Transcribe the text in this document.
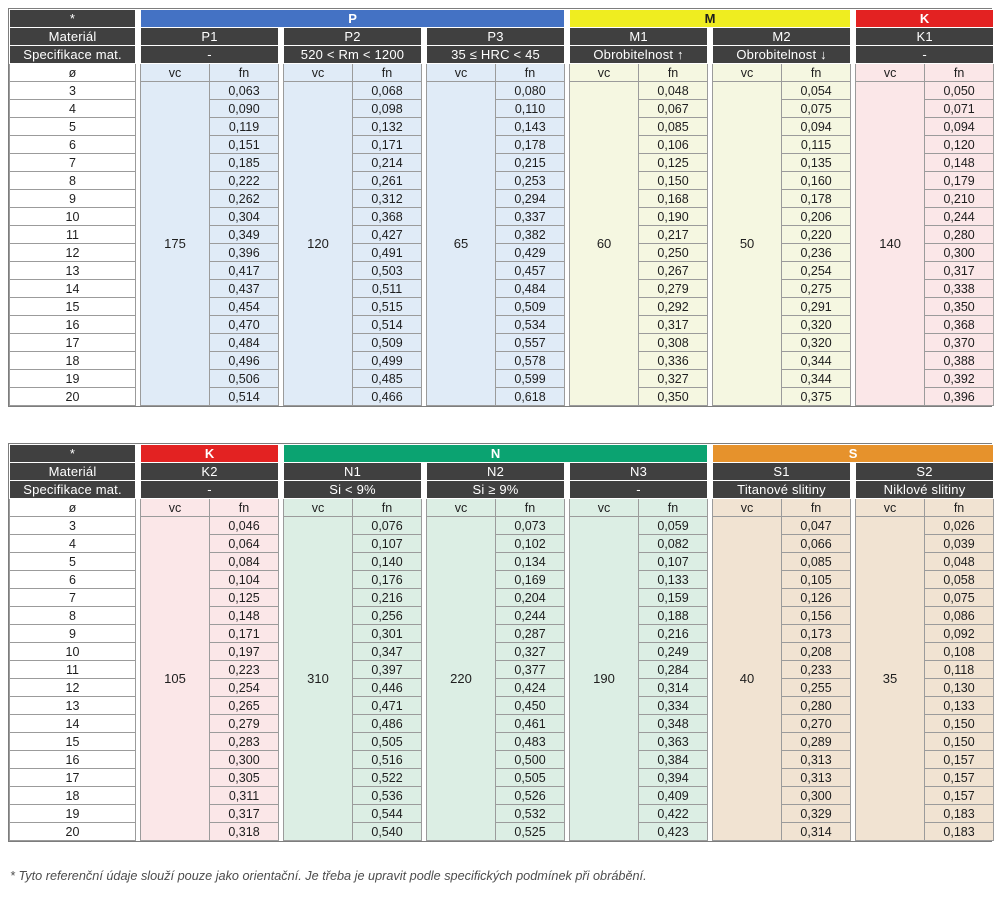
*		P									M						K	
Materiál		P1			P2			P3			M1			M2			K1	
Specifikace mat.		-			520 < Rm < 1200			35 ≤ HRC < 45			Obrobitelnost ↑			Obrobitelnost ↓			-	
ø		vc	fn		vc	fn		vc	fn		vc	fn		vc	fn		vc	fn
3		175	0,063		120	0,068		65	0,080		60	0,048		50	0,054		140	0,050
4			0,090			0,098			0,110			0,067			0,075			0,071
5			0,119			0,132			0,143			0,085			0,094			0,094
6			0,151			0,171			0,178			0,106			0,115			0,120
7			0,185			0,214			0,215			0,125			0,135			0,148
8			0,222			0,261			0,253			0,150			0,160			0,179
9			0,262			0,312			0,294			0,168			0,178			0,210
10			0,304			0,368			0,337			0,190			0,206			0,244
11			0,349			0,427			0,382			0,217			0,220			0,280
12			0,396			0,491			0,429			0,250			0,236			0,300
13			0,417			0,503			0,457			0,267			0,254			0,317
14			0,437			0,511			0,484			0,279			0,275			0,338
15			0,454			0,515			0,509			0,292			0,291			0,350
16			0,470			0,514			0,534			0,317			0,320			0,368
17			0,484			0,509			0,557			0,308			0,320			0,370
18			0,496			0,499			0,578			0,336			0,344			0,388
19			0,506			0,485			0,599			0,327			0,344			0,392
20			0,514			0,466			0,618			0,350			0,375			0,396
*		K			N									S				
Materiál		K2			N1			N2			N3			S1			S2	
Specifikace mat.		-			Si < 9%			Si ≥ 9%			-			Titanové slitiny			Niklové slitiny	
ø		vc	fn		vc	fn		vc	fn		vc	fn		vc	fn		vc	fn
3		105	0,046		310	0,076		220	0,073		190	0,059		40	0,047		35	0,026
4			0,064			0,107			0,102			0,082			0,066			0,039
5			0,084			0,140			0,134			0,107			0,085			0,048
6			0,104			0,176			0,169			0,133			0,105			0,058
7			0,125			0,216			0,204			0,159			0,126			0,075
8			0,148			0,256			0,244			0,188			0,156			0,086
9			0,171			0,301			0,287			0,216			0,173			0,092
10			0,197			0,347			0,327			0,249			0,208			0,108
11			0,223			0,397			0,377			0,284			0,233			0,118
12			0,254			0,446			0,424			0,314			0,255			0,130
13			0,265			0,471			0,450			0,334			0,280			0,133
14			0,279			0,486			0,461			0,348			0,270			0,150
15			0,283			0,505			0,483			0,363			0,289			0,150
16			0,300			0,516			0,500			0,384			0,313			0,157
17			0,305			0,522			0,505			0,394			0,313			0,157
18			0,311			0,536			0,526			0,409			0,300			0,157
19			0,317			0,544			0,532			0,422			0,329			0,183
20			0,318			0,540			0,525			0,423			0,314			0,183

* Tyto referenční údaje slouží pouze jako orientační. Je třeba je upravit podle specifických podmínek při obrábění.
